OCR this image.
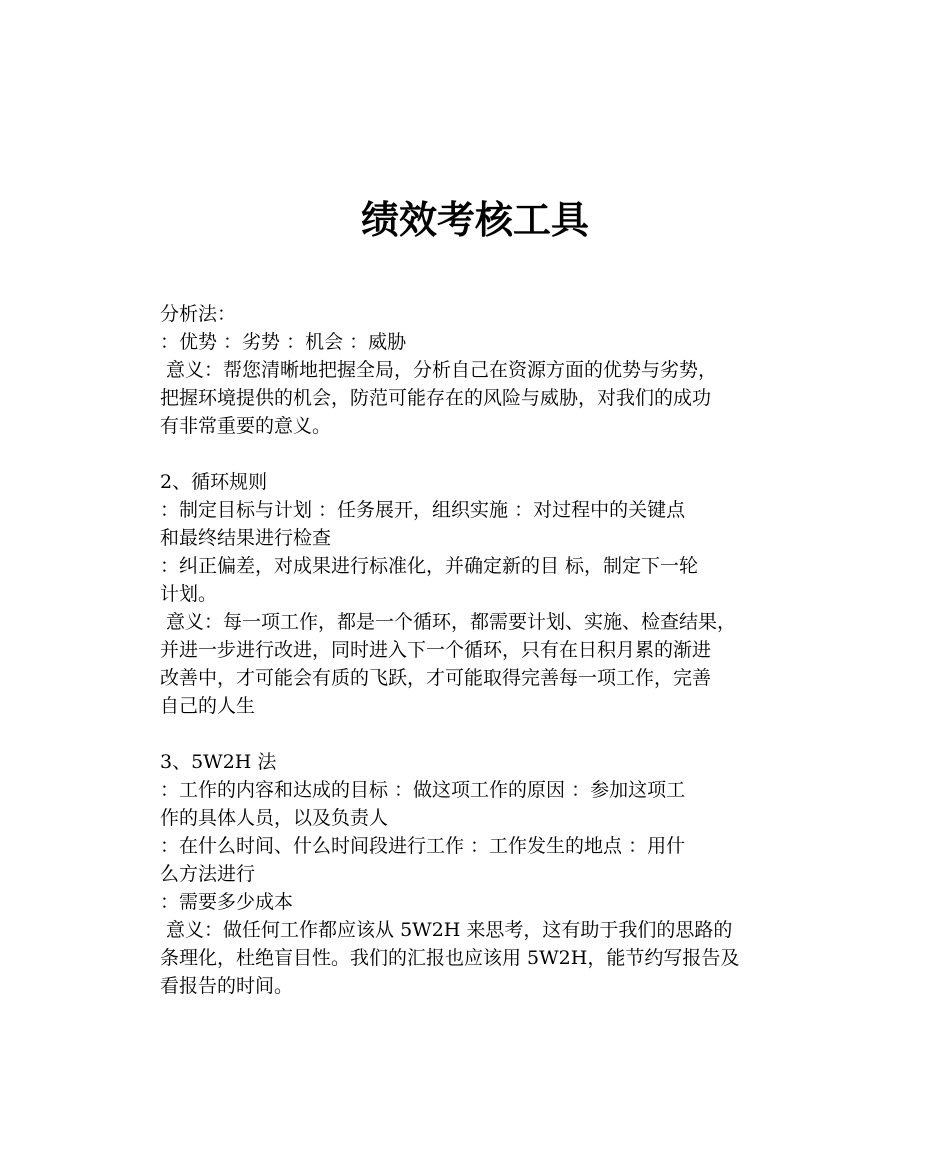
绩效考核工具
分析法：
：优势 ：劣势 ：机会 ：威胁
意义：帮您清晰地把握全局，分析自己在资源方面的优势与劣势，
把握环境提供的机会，防范可能存在的风险与威胁，对我们的成功
有非常重要的意义。
2、循环规则
：制定目标与计划 ：任务展开，组织实施 ：对过程中的关键点
和最终结果进行检查
：纠正偏差，对成果进行标准化，并确定新的目 标，制定下一轮
计划。
意义：每一项工作，都是一个循环，都需要计划、实施、检查结果，
并进一步进行改进，同时进入下一个循环，只有在日积月累的渐进
改善中，才可能会有质的飞跃，才可能取得完善每一项工作，完善
自己的人生
3、5W2H 法
：工作的内容和达成的目标 ：做这项工作的原因 ：参加这项工
作的具体人员，以及负责人
：在什么时间、什么时间段进行工作 ：工作发生的地点 ：用什
么方法进行
：需要多少成本
意义：做任何工作都应该从 5W2H 来思考，这有助于我们的思路的
条理化，杜绝盲目性。我们的汇报也应该用 5W2H，能节约写报告及
看报告的时间。
